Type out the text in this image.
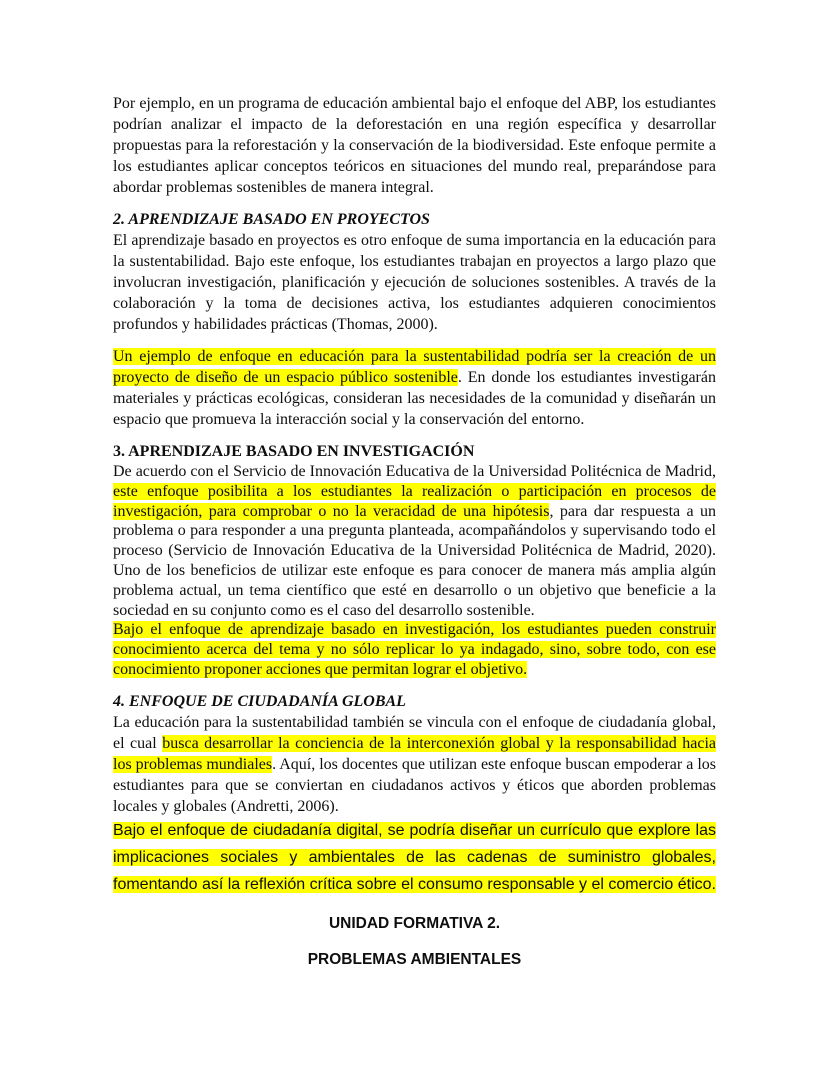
Por ejemplo, en un programa de educación ambiental bajo el enfoque del ABP, los estudiantes podrían analizar el impacto de la deforestación en una región específica y desarrollar propuestas para la reforestación y la conservación de la biodiversidad. Este enfoque permite a los estudiantes aplicar conceptos teóricos en situaciones del mundo real, preparándose para abordar problemas sostenibles de manera integral.

2. APRENDIZAJE BASADO EN PROYECTOS

El aprendizaje basado en proyectos es otro enfoque de suma importancia en la educación para la sustentabilidad. Bajo este enfoque, los estudiantes trabajan en proyectos a largo plazo que involucran investigación, planificación y ejecución de soluciones sostenibles. A través de la colaboración y la toma de decisiones activa, los estudiantes adquieren conocimientos profundos y habilidades prácticas (Thomas, 2000).

Un ejemplo de enfoque en educación para la sustentabilidad podría ser la creación de un proyecto de diseño de un espacio público sostenible. En donde los estudiantes investigarán materiales y prácticas ecológicas, consideran las necesidades de la comunidad y diseñarán un espacio que promueva la interacción social y la conservación del entorno.

3. APRENDIZAJE BASADO EN INVESTIGACIÓN

De acuerdo con el Servicio de Innovación Educativa de la Universidad Politécnica de Madrid, este enfoque posibilita a los estudiantes la realización o participación en procesos de investigación, para comprobar o no la veracidad de una hipótesis, para dar respuesta a un problema o para responder a una pregunta planteada, acompañándolos y supervisando todo el proceso (Servicio de Innovación Educativa de la Universidad Politécnica de Madrid, 2020). Uno de los beneficios de utilizar este enfoque es para conocer de manera más amplia algún problema actual, un tema científico que esté en desarrollo o un objetivo que beneficie a la sociedad en su conjunto como es el caso del desarrollo sostenible.

Bajo el enfoque de aprendizaje basado en investigación, los estudiantes pueden construir conocimiento acerca del tema y no sólo replicar lo ya indagado, sino, sobre todo, con ese conocimiento proponer acciones que permitan lograr el objetivo.

4. ENFOQUE DE CIUDADANÍA GLOBAL

La educación para la sustentabilidad también se vincula con el enfoque de ciudadanía global, el cual busca desarrollar la conciencia de la interconexión global y la responsabilidad hacia los problemas mundiales. Aquí, los docentes que utilizan este enfoque buscan empoderar a los estudiantes para que se conviertan en ciudadanos activos y éticos que aborden problemas locales y globales (Andretti, 2006).

Bajo el enfoque de ciudadanía digital, se podría diseñar un currículo que explore las implicaciones sociales y ambientales de las cadenas de suministro globales, fomentando así la reflexión crítica sobre el consumo responsable y el comercio ético.

UNIDAD FORMATIVA 2.
PROBLEMAS AMBIENTALES
